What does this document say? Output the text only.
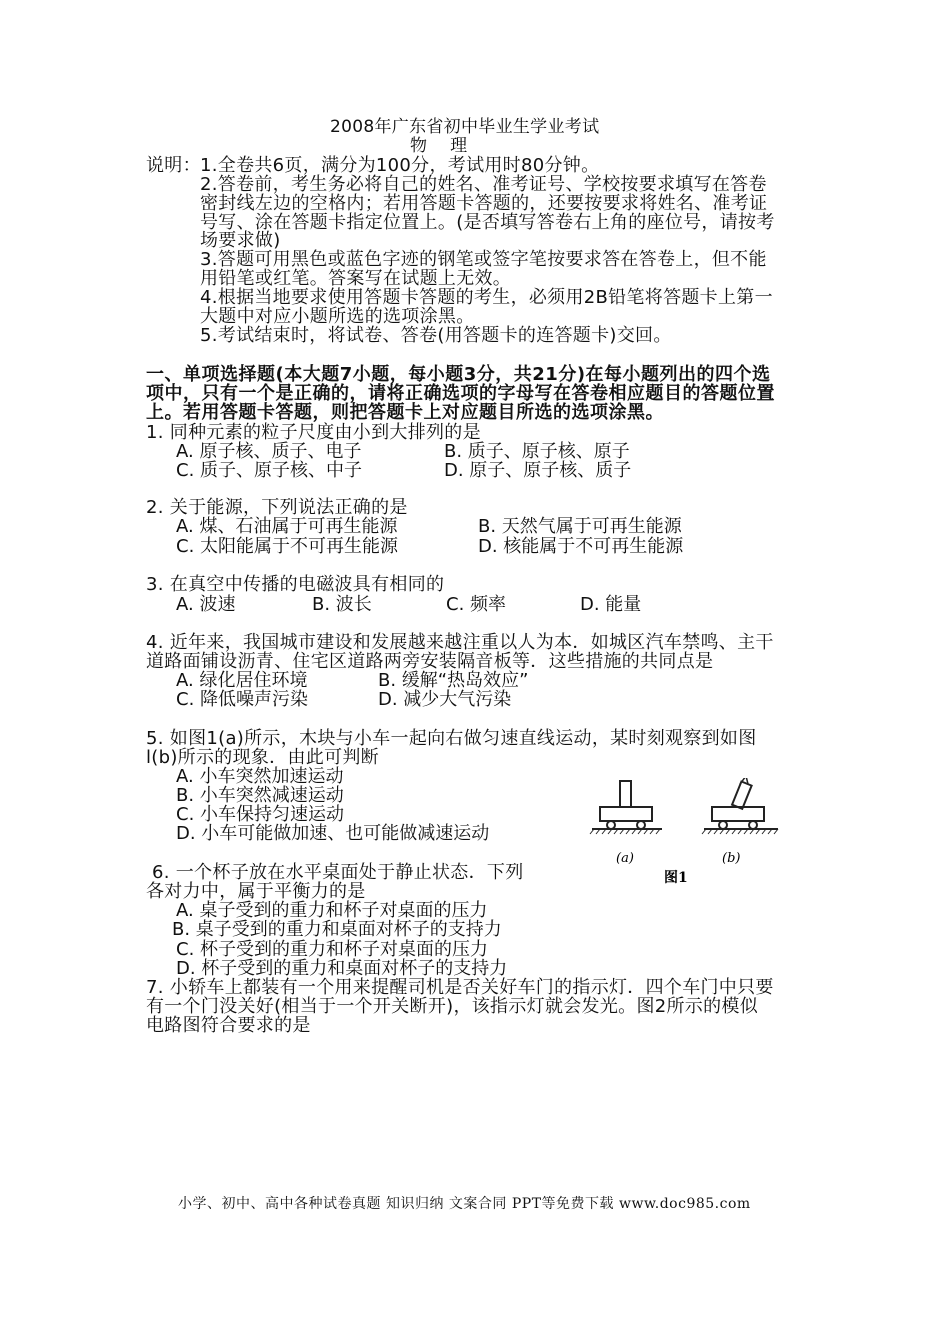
2008年广东省初中毕业生学业考试
物    理
说明： 1.全卷共6页，满分为100分，考试用时80分钟。
2.答卷前，考生务必将自己的姓名、准考证号、学校按要求填写在答卷
密封线左边的空格内；若用答题卡答题的，还要按要求将姓名、准考证
号写、涂在答题卡指定位置上。(是否填写答卷右上角的座位号，请按考
场要求做)
3.答题可用黑色或蓝色字迹的钢笔或签字笔按要求答在答卷上，但不能
用铅笔或红笔。答案写在试题上无效。
4.根据当地要求使用答题卡答题的考生，必须用2B铅笔将答题卡上第一
大题中对应小题所选的选项涂黑。
5.考试结束时，将试卷、答卷(用答题卡的连答题卡)交回。
一、单项选择题(本大题7小题，每小题3分，共21分)在每小题列出的四个选
项中，只有一个是正确的，请将正确选项的字母写在答卷相应题目的答题位置
上。若用答题卡答题，则把答题卡上对应题目所选的选项涂黑。
1. 同种元素的粒子尺度由小到大排列的是
A. 原子核、质子、电子	B. 质子、原子核、原子
C. 质子、原子核、中子	D. 原子、原子核、质子
2. 关于能源，下列说法正确的是
A. 煤、石油属于可再生能源	B. 天然气属于可再生能源
C. 太阳能属于不可再生能源	D. 核能属于不可再生能源
3. 在真空中传播的电磁波具有相同的
A. 波速	B. 波长	C. 频率	D. 能量
4. 近年来，我国城市建设和发展越来越注重以人为本．如城区汽车禁鸣、主干
道路面铺设沥青、住宅区道路两旁安装隔音板等．这些措施的共同点是
A. 绿化居住环境	B. 缓解“热岛效应”
C. 降低噪声污染	D. 减少大气污染
5. 如图1(a)所示，木块与小车一起向右做匀速直线运动，某时刻观察到如图
l(b)所示的现象．由此可判断
A. 小车突然加速运动
B. 小车突然减速运动
C. 小车保持匀速运动
D. 小车可能做加速、也可能做减速运动
(a)	(b)
图1
6. 一个杯子放在水平桌面处于静止状态．下列
各对力中，属于平衡力的是
A. 桌子受到的重力和杯子对桌面的压力
B. 桌子受到的重力和桌面对杯子的支持力
C. 杯子受到的重力和杯子对桌面的压力
D. 杯子受到的重力和桌面对杯子的支持力
7. 小轿车上都装有一个用来提醒司机是否关好车门的指示灯．四个车门中只要
有一个门没关好(相当于一个开关断开)，该指示灯就会发光。图2所示的模似
电路图符合要求的是
小学、初中、高中各种试卷真题 知识归纳 文案合同 PPT等免费下载 www.doc985.com
